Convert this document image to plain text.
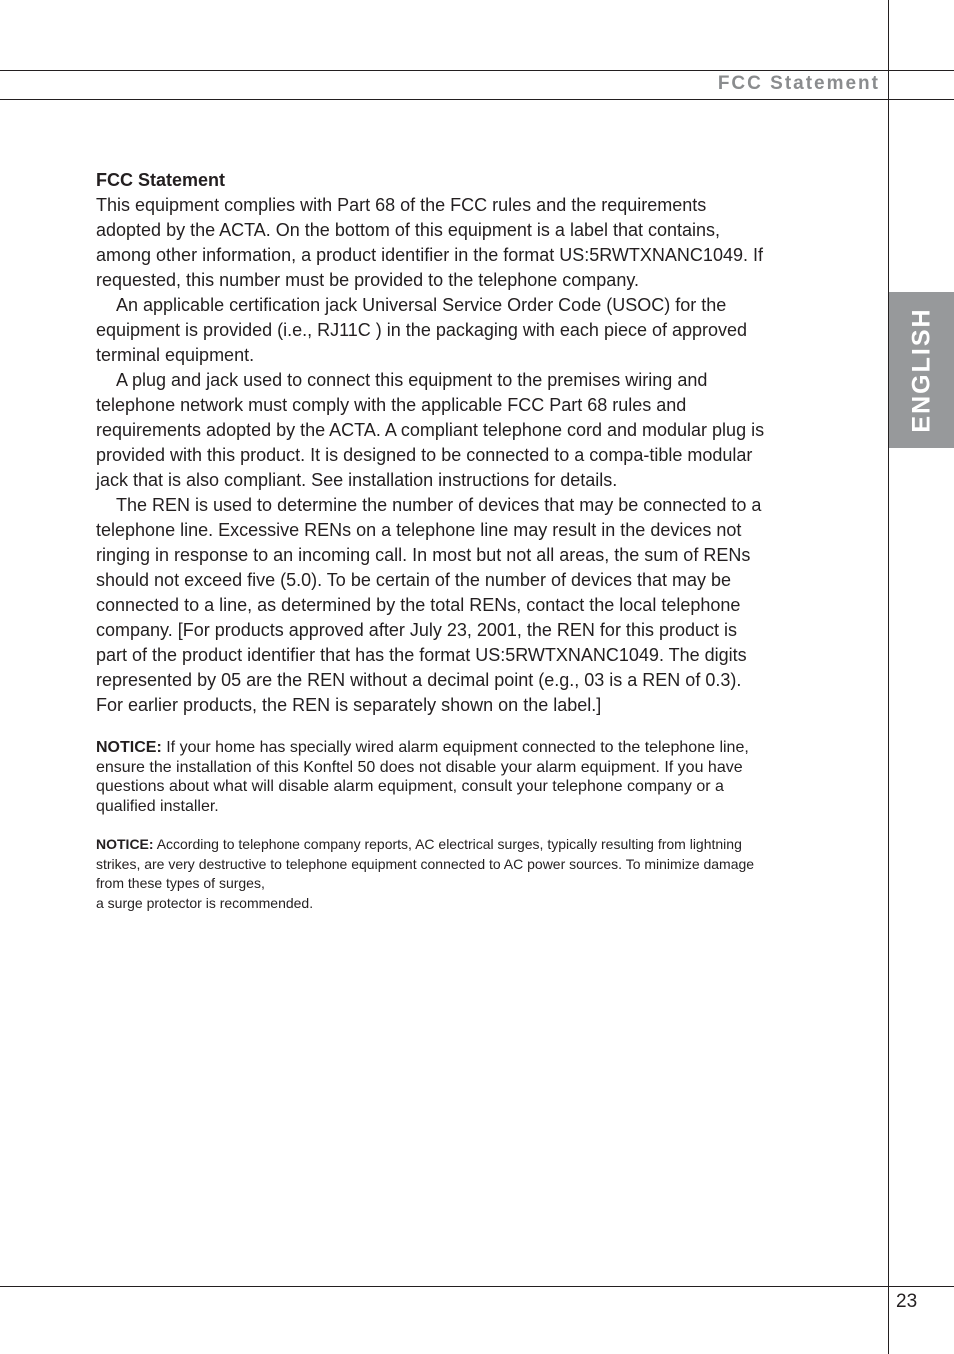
FCC Statement

ENGLISH
FCC Statement

This equipment complies with Part 68 of the FCC rules and the requirements adopted by the ACTA. On the bottom of this equipment is a label that contains, among other information, a product identifier in the format US:5RWTXNANC1049. If requested, this number must be provided to the telephone company.

An applicable certification jack Universal Service Order Code (USOC) for the equipment is provided (i.e., RJ11C ) in the packaging with each piece of approved terminal equipment.

A plug and jack used to connect this equipment to the premises wiring and telephone network must comply with the applicable FCC Part 68 rules and requirements adopted by the ACTA. A compliant telephone cord and modular plug is provided with this product. It is designed to be connected to a compa-tible modular jack that is also compliant. See installation instructions for details.

The REN is used to determine the number of devices that may be connected to a telephone line. Excessive RENs on a telephone line may result in the devices not ringing in response to an incoming call. In most but not all areas, the sum of RENs should not exceed five (5.0). To be certain of the number of devices that may be connected to a line, as determined by the total RENs, contact the local telephone company. [For products approved after July 23, 2001, the REN for this product is part of the product identifier that has the format US:5RWTXNANC1049. The digits represented by 05 are the REN without a decimal point (e.g., 03 is a REN of 0.3). For earlier products, the REN is separately shown on the label.]

NOTICE: If your home has specially wired alarm equipment connected to the telephone line, ensure the installation of this Konftel 50 does not disable your alarm equipment. If you have questions about what will disable alarm equipment, consult your telephone company or a qualified installer.

NOTICE: According to telephone company reports, AC electrical surges, typically resulting from lightning strikes, are very destructive to telephone equipment connected to AC power sources. To minimize damage from these types of surges,
a surge protector is recommended.

23
